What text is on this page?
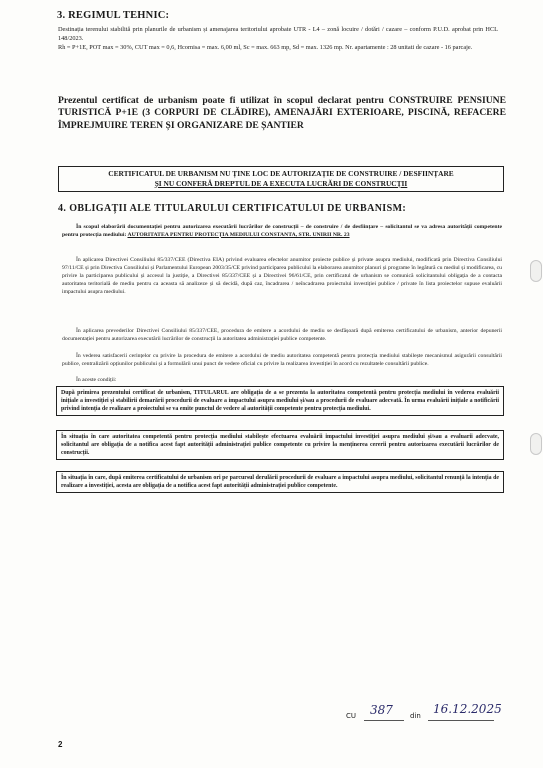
3. REGIMUL TEHNIC:
Destinația terenului stabilită prin planurile de urbanism și amenajarea teritoriului aprobate UTR - L4 – zonă locuire / dotări / cazare – conform P.U.D. aprobat prin HCL 148/2023.
Rh = P+1E, POT max = 30%, CUT max = 0,6, Hcornisa = max. 6,00 ml, Sc = max. 663 mp, Sd = max. 1326 mp. Nr. apartamente : 28 unitati de cazare - 16 parcaje.
Prezentul certificat de urbanism poate fi utilizat în scopul declarat pentru CONSTRUIRE PENSIUNE TURISTICĂ P+1E (3 CORPURI DE CLĂDIRE), AMENAJĂRI EXTERIOARE, PISCINĂ, REFACERE ÎMPREJMUIRE TEREN ȘI ORGANIZARE DE ȘANTIER
CERTIFICATUL DE URBANISM NU ȚINE LOC DE AUTORIZAȚIE DE CONSTRUIRE / DESFIINȚARE
ȘI NU CONFERĂ DREPTUL DE A EXECUTA LUCRĂRI DE CONSTRUCȚII
4. OBLIGAȚII ALE TITULARULUI CERTIFICATULUI DE URBANISM:
În scopul elaborării documentației pentru autorizarea executării lucrărilor de construcții – de construire / de desființare – solicitantul se va adresa autorității competente pentru protecția mediului: AUTORITATEA PENTRU PROTECȚIA MEDIULUI CONSTANTA, STR. UNIRII NR. 23
În aplicarea Directivei Consiliului 85/337/CEE (Directiva EIA) privind evaluarea efectelor anumitor proiecte publice și private asupra mediului, modificată prin Directiva Consiliului 97/11/CE și prin Directiva Consiliului și Parlamentului European 2003/35/CE privind participarea publicului la elaborarea anumitor planuri și programe în legătură cu mediul și modificarea, cu privire la participarea publicului și accesul la justiție, a Directivei 85/337/CEE și a Directivei 96/61/CE, prin certificatul de urbanism se comunică solicitantului obligația de a contacta autoritatea teritorială de mediu pentru ca aceasta să analizeze și să decidă, după caz, încadrarea / neîncadrarea proiectului investiției publice / private în lista proiectelor supuse evaluării impactului asupra mediului.
În aplicarea prevederilor Directivei Consiliului 85/337/CEE, procedura de emitere a acordului de mediu se desfășoară după emiterea certificatului de urbanism, anterior depunerii documentației pentru autorizarea executării lucrărilor de construcții la autoritatea administrației publice competente.
În vederea satisfacerii cerințelor cu privire la procedura de emitere a acordului de mediu autoritatea competentă pentru protecția mediului stabilește mecanismul asigurării consultării publice, centralizării opțiunilor publicului și a formulării unui punct de vedere oficial cu privire la realizarea investiției în acord cu rezultatele consultării publice.
În aceste condiții:
După primirea prezentului certificat de urbanism, TITULARUL are obligația de a se prezenta la autoritatea competentă pentru protecția mediului în vederea evaluării inițiale a investiției și stabilirii demarării procedurii de evaluare a impactului asupra mediului și/sau a procedurii de evaluare adecvată. În urma evaluării inițiale a notificării privind intenția de realizare a proiectului se va emite punctul de vedere al autorității competente pentru protecția mediului.
În situația în care autoritatea competentă pentru protecția mediului stabilește efectuarea evaluării impactului investiției asupra mediului și/sau a evaluarii adecvate, solicitantul are obligația de a notifica acest fapt autorității administrației publice competente cu privire la menținerea cererii pentru autorizarea executării lucrărilor de construcții.
În situația în care, după emiterea certificatului de urbanism ori pe parcursul derulării procedurii de evaluare a impactului asupra mediului, solicitantul renunță la intenția de realizare a investiției, acesta are obligația de a notifica acest fapt autorității administrației publice competente.
CU 387 din 16.12.2025
2
